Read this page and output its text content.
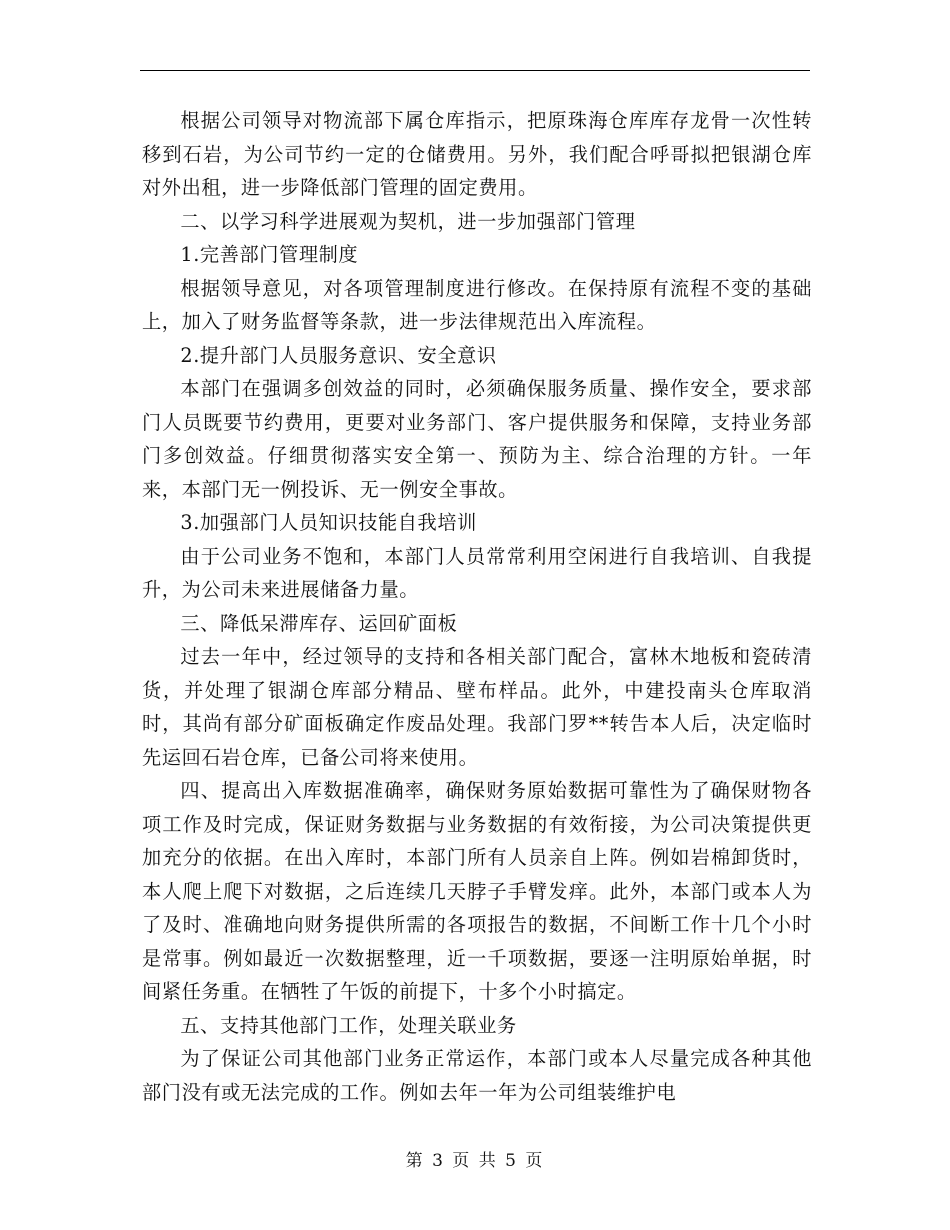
根据公司领导对物流部下属仓库指示，把原珠海仓库库存龙骨一次性转移到石岩，为公司节约一定的仓储费用。另外，我们配合呼哥拟把银湖仓库对外出租，进一步降低部门管理的固定费用。

二、以学习科学进展观为契机，进一步加强部门管理

1.完善部门管理制度

根据领导意见，对各项管理制度进行修改。在保持原有流程不变的基础上，加入了财务监督等条款，进一步法律规范出入库流程。

2.提升部门人员服务意识、安全意识

本部门在强调多创效益的同时，必须确保服务质量、操作安全，要求部门人员既要节约费用，更要对业务部门、客户提供服务和保障，支持业务部门多创效益。仔细贯彻落实安全第一、预防为主、综合治理的方针。一年来，本部门无一例投诉、无一例安全事故。

3.加强部门人员知识技能自我培训

由于公司业务不饱和，本部门人员常常利用空闲进行自我培训、自我提升，为公司未来进展储备力量。

三、降低呆滞库存、运回矿面板

过去一年中，经过领导的支持和各相关部门配合，富林木地板和瓷砖清货，并处理了银湖仓库部分精品、壁布样品。此外，中建投南头仓库取消时，其尚有部分矿面板确定作废品处理。我部门罗**转告本人后，决定临时先运回石岩仓库，已备公司将来使用。

四、提高出入库数据准确率，确保财务原始数据可靠性为了确保财物各项工作及时完成，保证财务数据与业务数据的有效衔接，为公司决策提供更加充分的依据。在出入库时，本部门所有人员亲自上阵。例如岩棉卸货时，本人爬上爬下对数据，之后连续几天脖子手臂发痒。此外，本部门或本人为了及时、准确地向财务提供所需的各项报告的数据，不间断工作十几个小时是常事。例如最近一次数据整理，近一千项数据，要逐一注明原始单据，时间紧任务重。在牺牲了午饭的前提下，十多个小时搞定。

五、支持其他部门工作，处理关联业务

为了保证公司其他部门业务正常运作，本部门或本人尽量完成各种其他部门没有或无法完成的工作。例如去年一年为公司组装维护电

第 3 页 共 5 页
